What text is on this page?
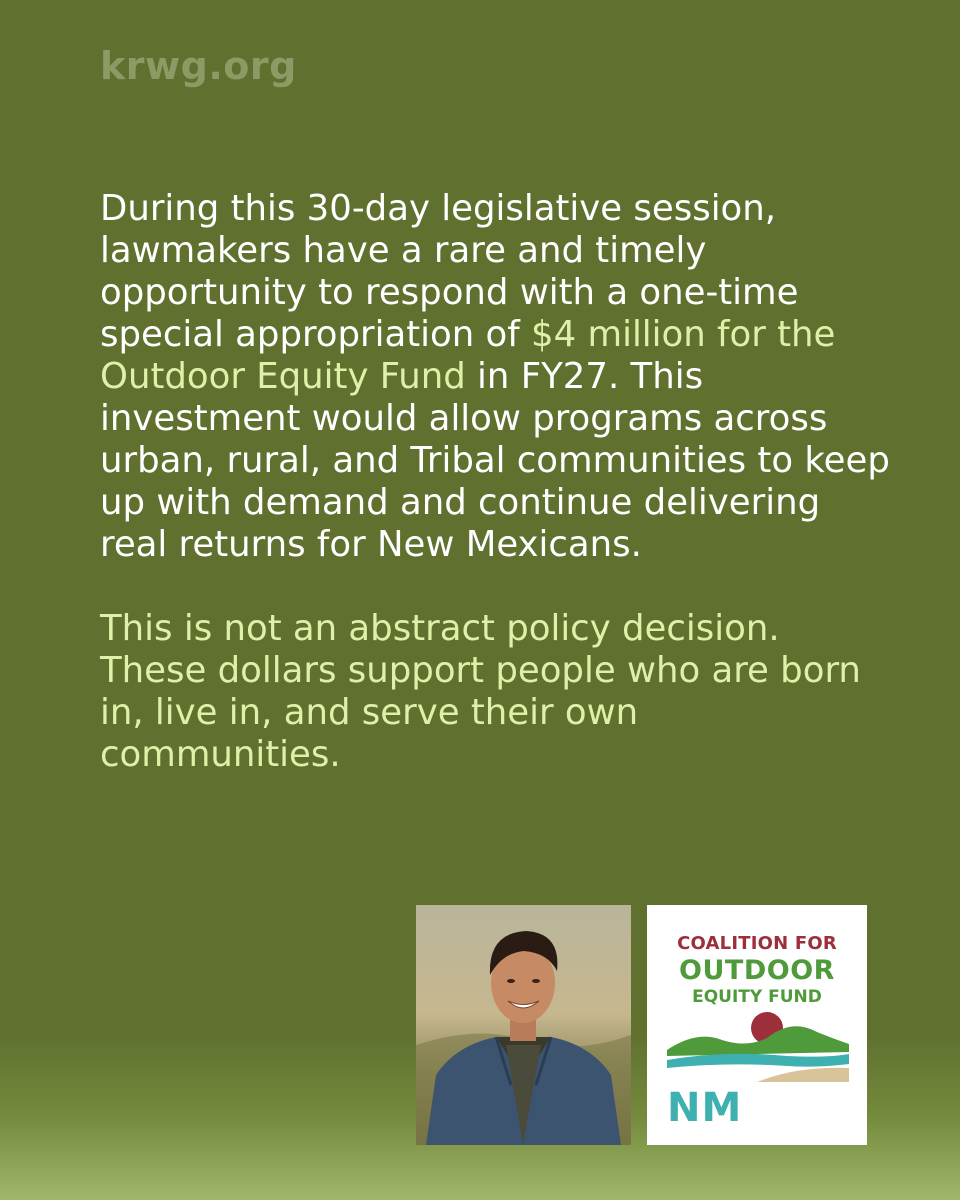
krwg.org

During this 30-day legislative session, lawmakers have a rare and timely opportunity to respond with a one-time special appropriation of $4 million for the Outdoor Equity Fund in FY27. This investment would allow programs across urban, rural, and Tribal communities to keep up with demand and continue delivering real returns for New Mexicans.

This is not an abstract policy decision. These dollars support people who are born in, live in, and serve their own communities.

COALITION FOR
OUTDOOR
EQUITY FUND
NM
